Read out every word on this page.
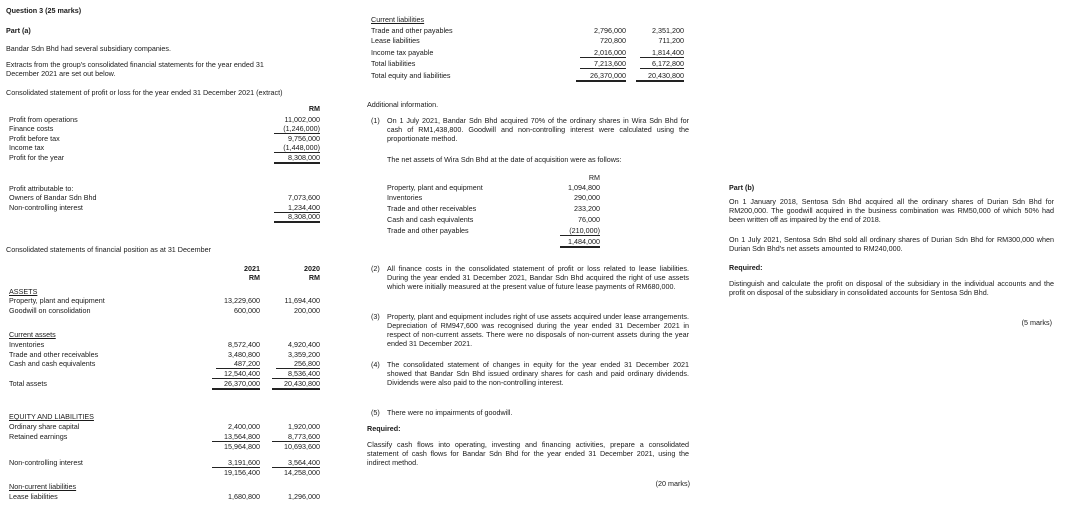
Question 3 (25 marks)
Part (a)
Bandar Sdn Bhd had several subsidiary companies.
Extracts from the group's consolidated financial statements for the year ended 31
December 2021 are set out below.
Consolidated statement of profit or loss for the year ended 31 December 2021 (extract)
RM
Profit from operations	11,002,000
Finance costs	(1,246,000)
Profit before tax	9,756,000
Income tax	(1,448,000)
Profit for the year	8,308,000
Profit attributable to:
Owners of Bandar Sdn Bhd	7,073,600
Non-controlling interest	1,234,400
8,308,000
Consolidated statements of financial position as at 31 December
2021	2020
RM	RM
ASSETS
Property, plant and equipment	13,229,600	11,694,400
Goodwill on consolidation	600,000	200,000
Current assets
Inventories	8,572,400	4,920,400
Trade and other receivables	3,480,800	3,359,200
Cash and cash equivalents	487,200	256,800
12,540,400	8,536,400
Total assets	26,370,000	20,430,800
EQUITY AND LIABILITIES
Ordinary share capital	2,400,000	1,920,000
Retained earnings	13,564,800	8,773,600
15,964,800	10,693,600
Non-controlling interest	3,191,600	3,564,400
19,156,400	14,258,000
Non-current liabilities
Lease liabilities	1,680,800	1,296,000
Current liabilities
Trade and other payables	2,796,000	2,351,200
Lease liabilities	720,800	711,200
Income tax payable	2,016,000	1,814,400
Total liabilities	7,213,600	6,172,800
Total equity and liabilities	26,370,000	20,430,800
Additional information.
(1) On 1 July 2021, Bandar Sdn Bhd acquired 70% of the ordinary shares in Wira Sdn Bhd for cash of RM1,438,800. Goodwill and non-controlling interest were calculated using the proportionate method.
The net assets of Wira Sdn Bhd at the date of acquisition were as follows:
RM
Property, plant and equipment	1,094,800
Inventories	290,000
Trade and other receivables	233,200
Cash and cash equivalents	76,000
Trade and other payables	(210,000)
1,484,000
(2) All finance costs in the consolidated statement of profit or loss related to lease liabilities. During the year ended 31 December 2021, Bandar Sdn Bhd acquired the right of use assets which were initially measured at the present value of future lease payments of RM680,000.
(3) Property, plant and equipment includes right of use assets acquired under lease arrangements. Depreciation of RM947,600 was recognised during the year ended 31 December 2021 in respect of non-current assets. There were no disposals of non-current assets during the year ended 31 December 2021.
(4) The consolidated statement of changes in equity for the year ended 31 December 2021 showed that Bandar Sdn Bhd issued ordinary shares for cash and paid ordinary dividends. Dividends were also paid to the non-controlling interest.
(5) There were no impairments of goodwill.
Required:
Classify cash flows into operating, investing and financing activities, prepare a consolidated statement of cash flows for Bandar Sdn Bhd for the year ended 31 December 2021, using the indirect method.
(20 marks)
Part (b)
On 1 January 2018, Sentosa Sdn Bhd acquired all the ordinary shares of Durian Sdn Bhd for RM200,000. The goodwill acquired in the business combination was RM50,000 of which 50% had been written off as impaired by the end of 2018.
On 1 July 2021, Sentosa Sdn Bhd sold all ordinary shares of Durian Sdn Bhd for RM300,000 when Durian Sdn Bhd's net assets amounted to RM240,000.
Required:
Distinguish and calculate the profit on disposal of the subsidiary in the individual accounts and the profit on disposal of the subsidiary in consolidated accounts for Sentosa Sdn Bhd.
(5 marks)
